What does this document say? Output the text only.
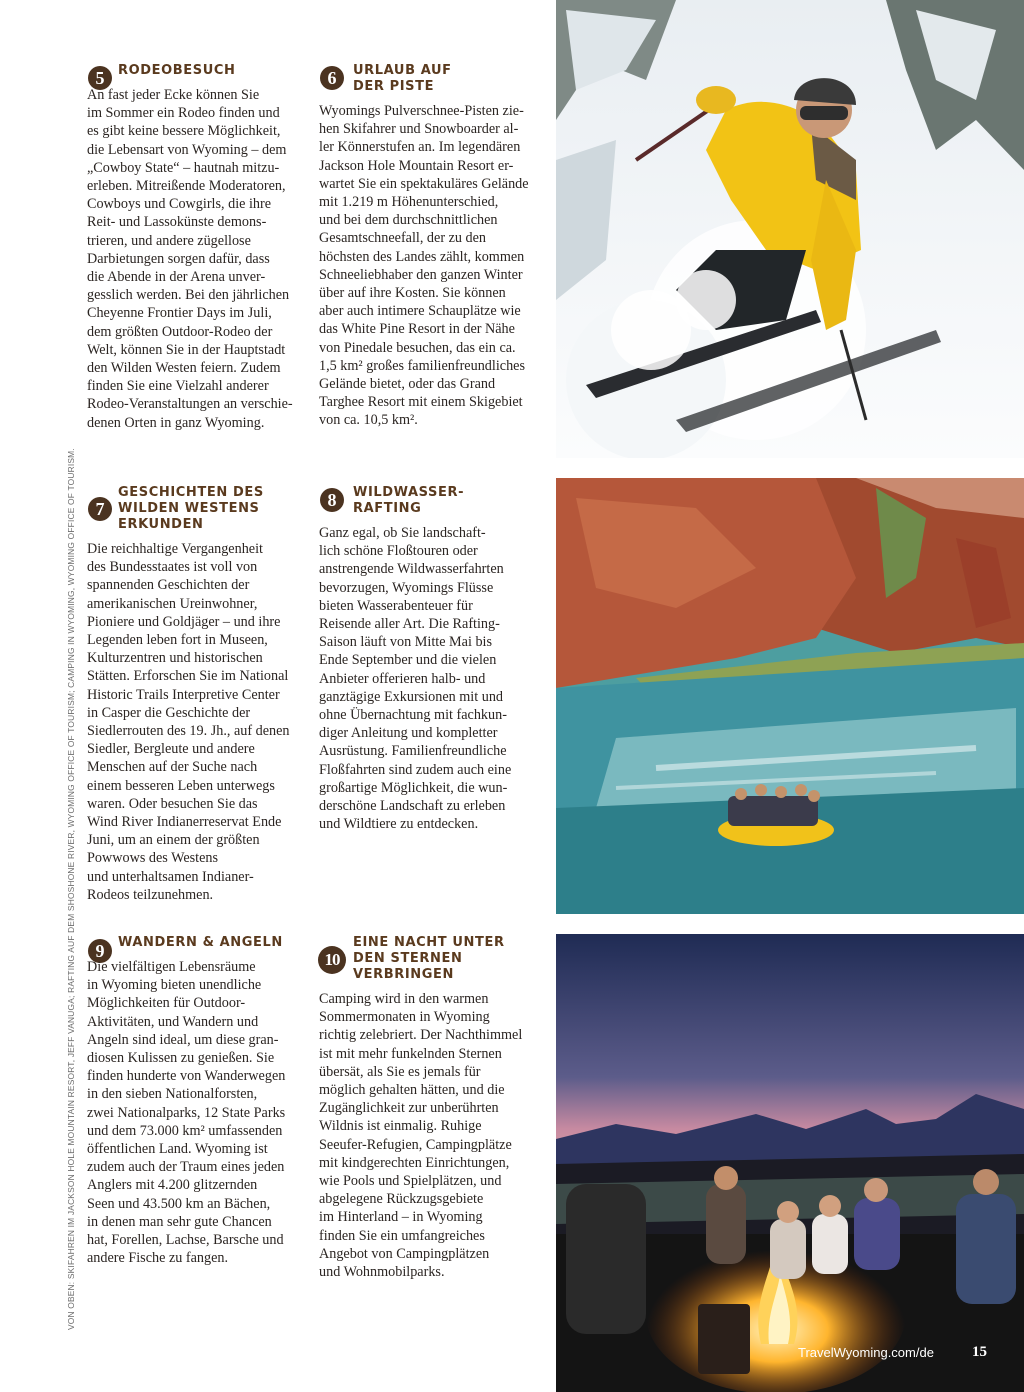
VON OBEN: SKIFAHREN IM JACKSON HOLE MOUNTAIN RESORT, JEFF VANUGA; RAFTING AUF DEM SHOSHONE RIVER, WYOMING OFFICE OF TOURISM; CAMPING IN WYOMING, WYOMING OFFICE OF TOURISM.
5	RODEOBESUCH
An fast jeder Ecke können Sie
im Sommer ein Rodeo finden und
es gibt keine bessere Möglichkeit,
die Lebensart von Wyoming – dem
„Cowboy State“ – hautnah mitzu-
erleben. Mitreißende Moderatoren,
Cowboys und Cowgirls, die ihre
Reit- und Lassokünste demons-
trieren, und andere zügellose
Darbietungen sorgen dafür, dass
die Abende in der Arena unver-
gesslich werden. Bei den jährlichen
Cheyenne Frontier Days im Juli,
dem größten Outdoor-Rodeo der
Welt, können Sie in der Hauptstadt
den Wilden Westen feiern. Zudem
finden Sie eine Vielzahl anderer
Rodeo-Veranstaltungen an verschie-
denen Orten in ganz Wyoming.
6	URLAUB AUF
DER PISTE
Wyomings Pulverschnee-Pisten zie-
hen Skifahrer und Snowboarder al-
ler Könnerstufen an. Im legendären
Jackson Hole Mountain Resort er-
wartet Sie ein spektakuläres Gelände
mit 1.219 m Höhenunterschied,
und bei dem durchschnittlichen
Gesamtschneefall, der zu den
höchsten des Landes zählt, kommen
Schneeliebhaber den ganzen Winter
über auf ihre Kosten. Sie können
aber auch intimere Schauplätze wie
das White Pine Resort in der Nähe
von Pinedale besuchen, das ein ca.
1,5 km² großes familienfreundliches
Gelände bietet, oder das Grand
Targhee Resort mit einem Skigebiet
von ca. 10,5 km².
7
GESCHICHTEN DES
WILDEN WESTENS
ERKUNDEN
Die reichhaltige Vergangenheit
des Bundesstaates ist voll von
spannenden Geschichten der
amerikanischen Ureinwohner,
Pioniere und Goldjäger – und ihre
Legenden leben fort in Museen,
Kulturzentren und historischen
Stätten. Erforschen Sie im National
Historic Trails Interpretive Center
in Casper die Geschichte der
Siedlerrouten des 19. Jh., auf denen
Siedler, Bergleute und andere
Menschen auf der Suche nach
einem besseren Leben unterwegs
waren. Oder besuchen Sie das
Wind River Indianerreservat Ende
Juni, um an einem der größten
Powwows des Westens
und unterhaltsamen Indianer-
Rodeos teilzunehmen.
8	WILDWASSER-
RAFTING
Ganz egal, ob Sie landschaft-
lich schöne Floßtouren oder
anstrengende Wildwasserfahrten
bevorzugen, Wyomings Flüsse
bieten Wasserabenteuer für
Reisende aller Art. Die Rafting-
Saison läuft von Mitte Mai bis
Ende September und die vielen
Anbieter offerieren halb- und
ganztägige Exkursionen mit und
ohne Übernachtung mit fachkun-
diger Anleitung und kompletter
Ausrüstung. Familienfreundliche
Floßfahrten sind zudem auch eine
großartige Möglichkeit, die wun-
derschöne Landschaft zu erleben
und Wildtiere zu entdecken.
9	WANDERN & ANGELN
Die vielfältigen Lebensräume
in Wyoming bieten unendliche
Möglichkeiten für Outdoor-
Aktivitäten, und Wandern und
Angeln sind ideal, um diese gran-
diosen Kulissen zu genießen. Sie
finden hunderte von Wanderwegen
in den sieben Nationalforsten,
zwei Nationalparks, 12 State Parks
und dem 73.000 km² umfassenden
öffentlichen Land. Wyoming ist
zudem auch der Traum eines jeden
Anglers mit 4.200 glitzernden
Seen und 43.500 km an Bächen,
in denen man sehr gute Chancen
hat, Forellen, Lachse, Barsche und
andere Fische zu fangen.
10
EINE NACHT UNTER
DEN STERNEN
VERBRINGEN
Camping wird in den warmen
Sommermonaten in Wyoming
richtig zelebriert. Der Nachthimmel
ist mit mehr funkelnden Sternen
übersät, als Sie es jemals für
möglich gehalten hätten, und die
Zugänglichkeit zur unberührten
Wildnis ist einmalig. Ruhige
Seeufer-Refugien, Campingplätze
mit kindgerechten Einrichtungen,
wie Pools und Spielplätzen, und
abgelegene Rückzugsgebiete
im Hinterland – in Wyoming
finden Sie ein umfangreiches
Angebot von Campingplätzen
und Wohnmobilparks.
TravelWyoming.com/de	15
